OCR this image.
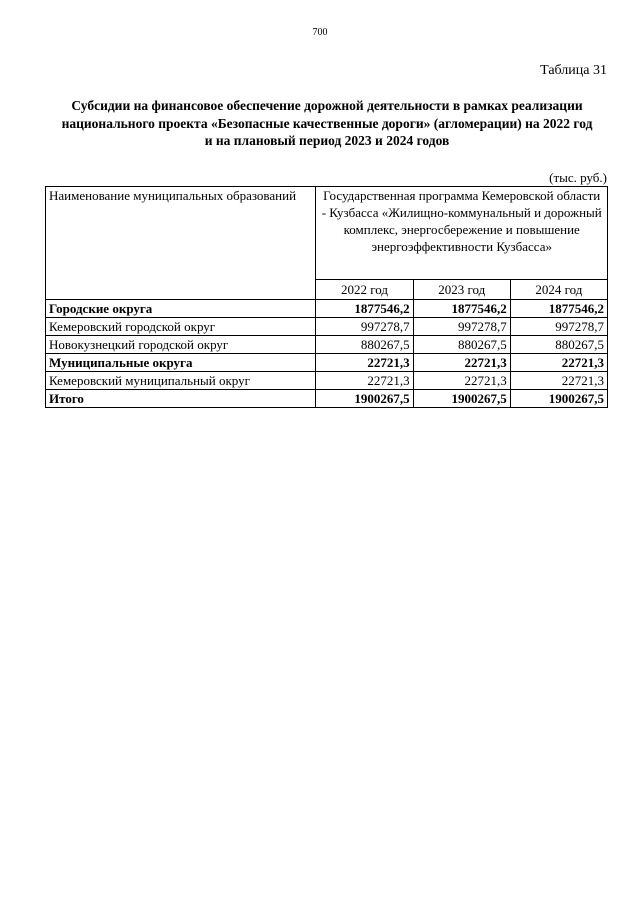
700
Таблица 31
Субсидии на финансовое обеспечение дорожной деятельности в рамках реализации
национального проекта «Безопасные качественные дороги» (агломерации) на 2022 год
и на плановый период 2023 и 2024 годов
(тыс. руб.)
Наименование муниципальных образований	Государственная программа Кемеровской области - Кузбасса «Жилищно-коммунальный и дорожный комплекс, энергосбережение и повышение энергоэффективности Кузбасса»		
	2022 год	2023 год	2024 год
Городские округа	1877546,2	1877546,2	1877546,2
Кемеровский городской округ	997278,7	997278,7	997278,7
Новокузнецкий городской округ	880267,5	880267,5	880267,5
Муниципальные округа	22721,3	22721,3	22721,3
Кемеровский муниципальный округ	22721,3	22721,3	22721,3
Итого	1900267,5	1900267,5	1900267,5
